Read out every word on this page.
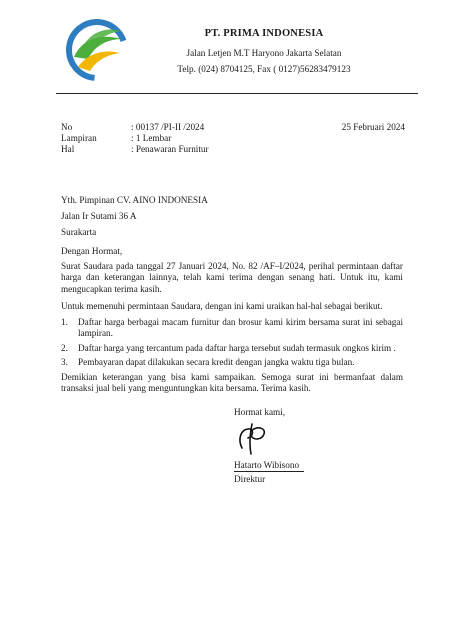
PT. PRIMA INDONESIA
Jalan Letjen M.T Haryono Jakarta Selatan
Telp. (024) 8704125, Fax ( 0127)56283479123
No	: 00137 /PI-II /2024	25 Februari 2024
Lampiran	: 1 Lembar
Hal	: Penawaran Furnitur
Yth. Pimpinan CV. AINO INDONESIA
Jalan Ir Sutami 36 A
Surakarta

Dengan Hormat,

Surat Saudara pada tanggal 27 Januari 2024, No. 82 /AF–I/2024, perihal permintaan daftar harga dan keterangan lainnya, telah kami terima dengan senang hati. Untuk itu, kami mengucapkan terima kasih.

Untuk memenuhi permintaan Saudara, dengan ini kami uraikan hal-hal sebagai berikut.

1.	Daftar harga berbagai macam furnitur dan brosur kami kirim bersama surat ini sebagai lampiran.
2.	Daftar harga yang tercantum pada daftar harga tersebut sudah termasuk ongkos kirim .
3.	Pembayaran dapat dilakukan secara kredit dengan jangka waktu tiga bulan.

Demikian keterangan yang bisa kami sampaikan. Semoga surat ini bermanfaat dalam transaksi jual beli yang menguntungkan kita bersama. Terima kasih.

Hormat kami,
Hatarto Wibisono
Direktur
